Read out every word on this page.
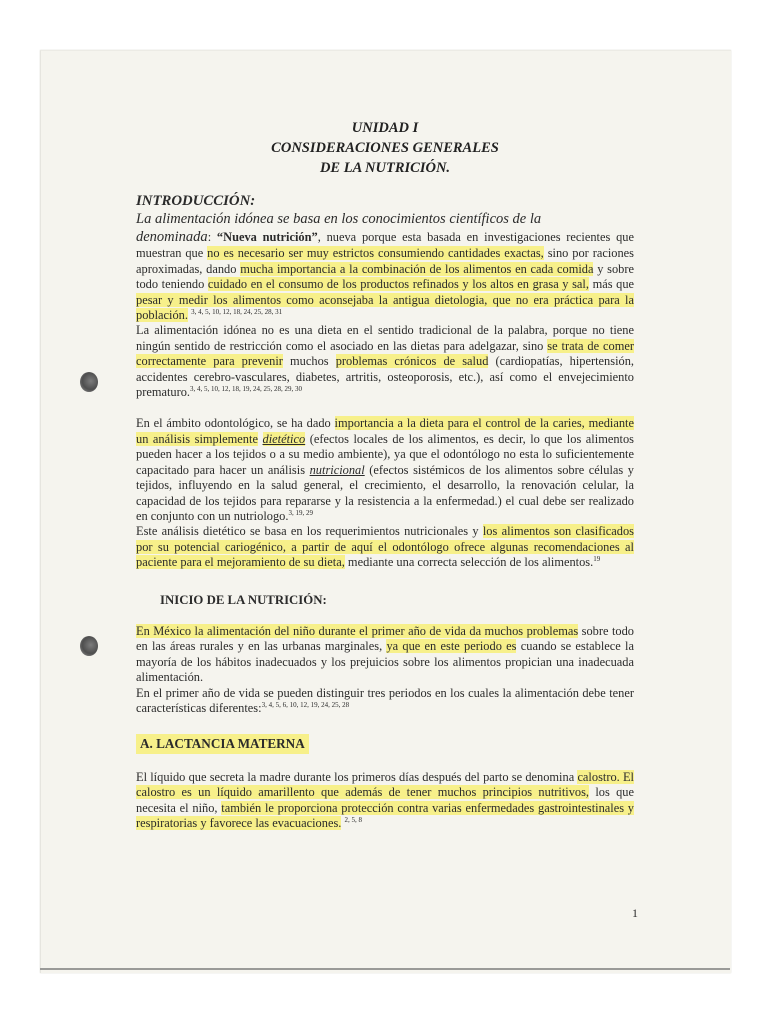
UNIDAD I

CONSIDERACIONES GENERALES

DE LA NUTRICIÓN.

INTRODUCCIÓN:

La alimentación idónea se basa en los conocimientos científicos de la

denominada: “Nueva nutrición”, nueva porque esta basada en investigaciones recientes que muestran que no es necesario ser muy estrictos consumiendo cantidades exactas, sino por raciones aproximadas, dando mucha importancia a la combinación de los alimentos en cada comida y sobre todo teniendo cuidado en el consumo de los productos refinados y los altos en grasa y sal, más que pesar y medir los alimentos como aconsejaba la antigua dietologia, que no era práctica para la población. $^{3, 4, 5, 10, 12, 18, 24, 25, 28, 31}$

La alimentación idónea no es una dieta en el sentido tradicional de la palabra, porque no tiene ningún sentido de restricción como el asociado en las dietas para adelgazar, sino se trata de comer correctamente para prevenir muchos problemas crónicos de salud (cardiopatías, hipertensión, accidentes cerebro-vasculares, diabetes, artritis, osteoporosis, etc.), así como el envejecimiento prematuro.$^{3, 4, 5, 10, 12, 18, 19, 24, 25, 28, 29, 30}$

En el ámbito odontológico, se ha dado importancia a la dieta para el control de la caries, mediante un análisis simplemente dietético (efectos locales de los alimentos, es decir, lo que los alimentos pueden hacer a los tejidos o a su medio ambiente), ya que el odontólogo no esta lo suficientemente capacitado para hacer un análisis nutricional (efectos sistémicos de los alimentos sobre células y tejidos, influyendo en la salud general, el crecimiento, el desarrollo, la renovación celular, la capacidad de los tejidos para repararse y la resistencia a la enfermedad.) el cual debe ser realizado en conjunto con un nutriologo.$^{3, 19, 29}$

Este análisis dietético se basa en los requerimientos nutricionales y los alimentos son clasificados por su potencial cariogénico, a partir de aquí el odontólogo ofrece algunas recomendaciones al paciente para el mejoramiento de su dieta, mediante una correcta selección de los alimentos.$^{19}$

INICIO DE LA NUTRICIÓN:

En México la alimentación del niño durante el primer año de vida da muchos problemas sobre todo en las áreas rurales y en las urbanas marginales, ya que en este periodo es cuando se establece la mayoría de los hábitos inadecuados y los prejuicios sobre los alimentos propician una inadecuada alimentación.

En el primer año de vida se pueden distinguir tres periodos en los cuales la alimentación debe tener características diferentes:$^{3, 4, 5, 6, 10, 12, 19, 24, 25, 28}$

A. LACTANCIA MATERNA

El líquido que secreta la madre durante los primeros días después del parto se denomina calostro. El calostro es un líquido amarillento que además de tener muchos principios nutritivos, los que necesita el niño, también le proporciona protección contra varias enfermedades gastrointestinales y respiratorias y favorece las evacuaciones. $^{2, 5, 8}$

1
